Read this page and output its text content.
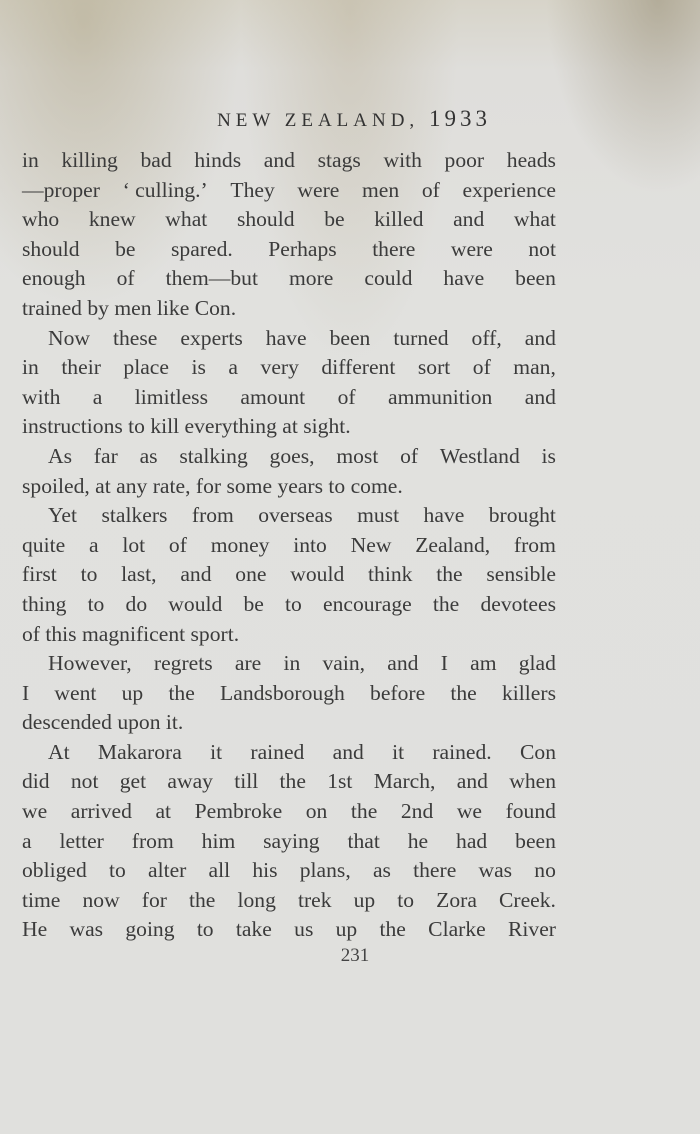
NEW ZEALAND, 1933
in killing bad hinds and stags with poor heads
—proper ‘ culling.’ They were men of experience
who knew what should be killed and what
should be spared. Perhaps there were not
enough of them—but more could have been
trained by men like Con.
Now these experts have been turned off, and
in their place is a very different sort of man,
with a limitless amount of ammunition and
instructions to kill everything at sight.
As far as stalking goes, most of Westland is
spoiled, at any rate, for some years to come.
Yet stalkers from overseas must have brought
quite a lot of money into New Zealand, from
first to last, and one would think the sensible
thing to do would be to encourage the devotees
of this magnificent sport.
However, regrets are in vain, and I am glad
I went up the Landsborough before the killers
descended upon it.
At Makarora it rained and it rained. Con
did not get away till the 1st March, and when
we arrived at Pembroke on the 2nd we found
a letter from him saying that he had been
obliged to alter all his plans, as there was no
time now for the long trek up to Zora Creek.
He was going to take us up the Clarke River
231
